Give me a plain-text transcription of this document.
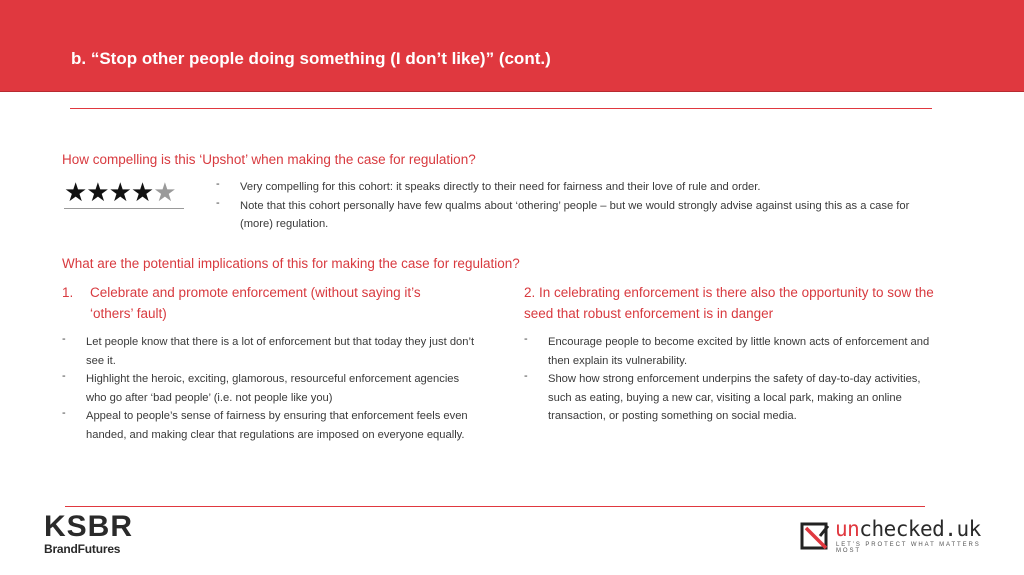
b. “Stop other people doing something (I don’t like)” (cont.)
How compelling is this ‘Upshot’ when making the case for regulation?
★★★★★	- Very compelling for this cohort: it speaks directly to their need for fairness and their love of rule and order.
- Note that this cohort personally have few qualms about ‘othering’ people – but we would strongly advise against using this as a case for (more) regulation.
What are the potential implications of this for making the case for regulation?
1.	Celebrate and promote enforcement (without saying it’s ‘others’ fault)
2. In celebrating enforcement is there also the opportunity to sow the seed that robust enforcement is in danger
- Let people know that there is a lot of enforcement but that today they just don’t see it.
- Highlight the heroic, exciting, glamorous, resourceful enforcement agencies who go after ‘bad people’ (i.e. not people like you)
- Appeal to people’s sense of fairness by ensuring that enforcement feels even handed, and making clear that regulations are imposed on everyone equally.
- Encourage people to become excited by little known acts of enforcement and then explain its vulnerability.
- Show how strong enforcement underpins the safety of day-to-day activities, such as eating, buying a new car, visiting a local park, making an online transaction, or posting something on social media.
KSBR
BrandFutures
unchecked.uk
LET’S PROTECT WHAT MATTERS MOST
